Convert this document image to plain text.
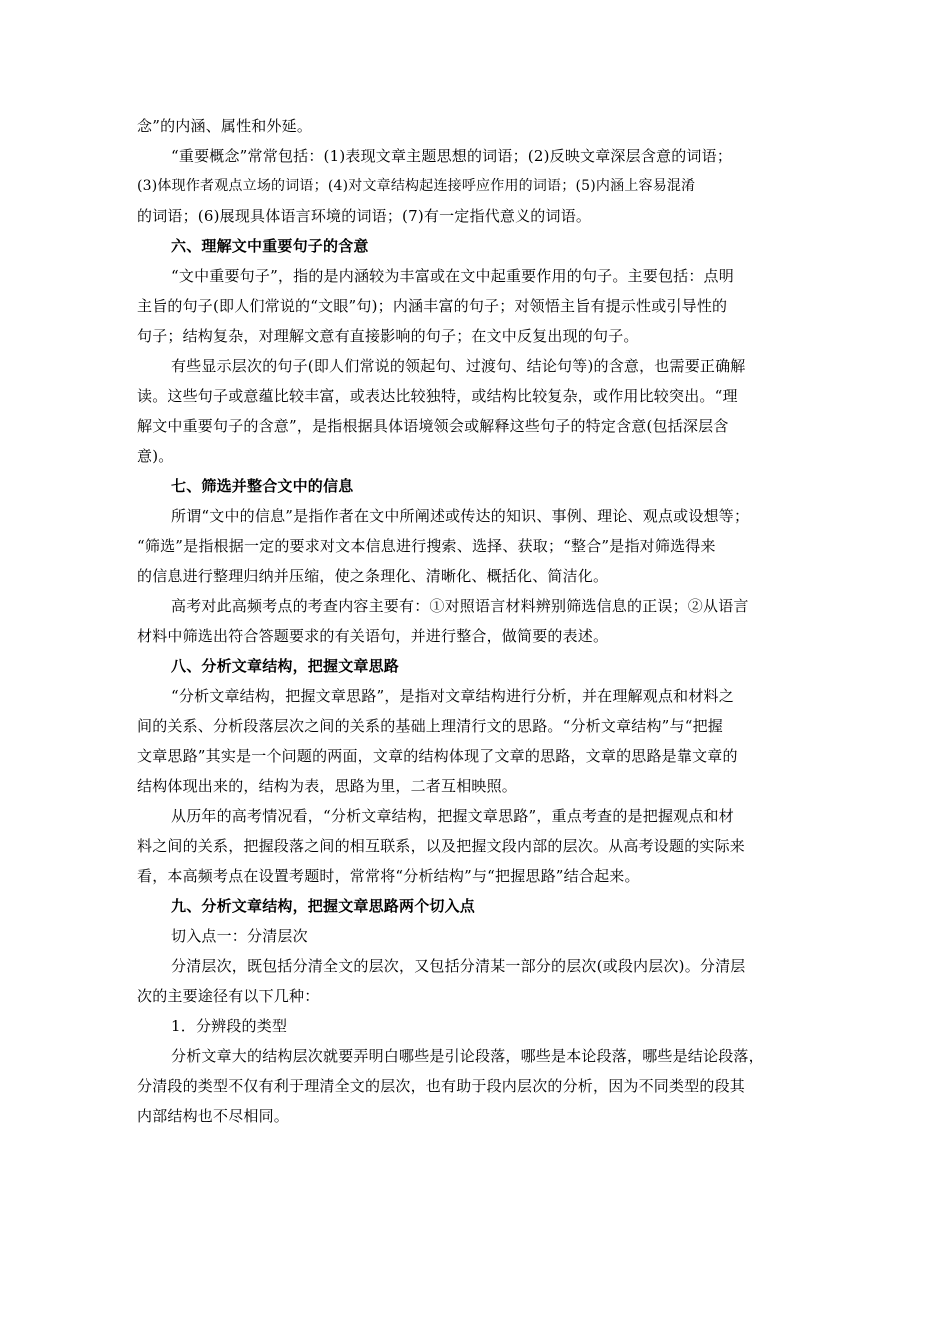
念”的内涵、属性和外延。
“重要概念”常常包括：(1)表现文章主题思想的词语；(2)反映文章深层含意的词语；
(3)体现作者观点立场的词语；(4)对文章结构起连接呼应作用的词语；(5)内涵上容易混淆
的词语；(6)展现具体语言环境的词语；(7)有一定指代意义的词语。
六、理解文中重要句子的含意
“文中重要句子”，指的是内涵较为丰富或在文中起重要作用的句子。主要包括：点明
主旨的句子(即人们常说的“文眼”句)；内涵丰富的句子；对领悟主旨有提示性或引导性的
句子；结构复杂，对理解文意有直接影响的句子；在文中反复出现的句子。
有些显示层次的句子(即人们常说的领起句、过渡句、结论句等)的含意，也需要正确解
读。这些句子或意蕴比较丰富，或表达比较独特，或结构比较复杂，或作用比较突出。“理
解文中重要句子的含意”，是指根据具体语境领会或解释这些句子的特定含意(包括深层含
意)。
七、筛选并整合文中的信息
所谓“文中的信息”是指作者在文中所阐述或传达的知识、事例、理论、观点或设想等；
“筛选”是指根据一定的要求对文本信息进行搜索、选择、获取；“整合”是指对筛选得来
的信息进行整理归纳并压缩，使之条理化、清晰化、概括化、简洁化。
高考对此高频考点的考查内容主要有：①对照语言材料辨别筛选信息的正误；②从语言
材料中筛选出符合答题要求的有关语句，并进行整合，做简要的表述。
八、分析文章结构，把握文章思路
“分析文章结构，把握文章思路”，是指对文章结构进行分析，并在理解观点和材料之
间的关系、分析段落层次之间的关系的基础上理清行文的思路。“分析文章结构”与“把握
文章思路”其实是一个问题的两面，文章的结构体现了文章的思路，文章的思路是靠文章的
结构体现出来的，结构为表，思路为里，二者互相映照。
从历年的高考情况看，“分析文章结构，把握文章思路”，重点考查的是把握观点和材
料之间的关系，把握段落之间的相互联系，以及把握文段内部的层次。从高考设题的实际来
看，本高频考点在设置考题时，常常将“分析结构”与“把握思路”结合起来。
九、分析文章结构，把握文章思路两个切入点
切入点一：分清层次
分清层次，既包括分清全文的层次，又包括分清某一部分的层次(或段内层次)。分清层
次的主要途径有以下几种：
1．分辨段的类型
分析文章大的结构层次就要弄明白哪些是引论段落，哪些是本论段落，哪些是结论段落，
分清段的类型不仅有利于理清全文的层次，也有助于段内层次的分析，因为不同类型的段其
内部结构也不尽相同。
